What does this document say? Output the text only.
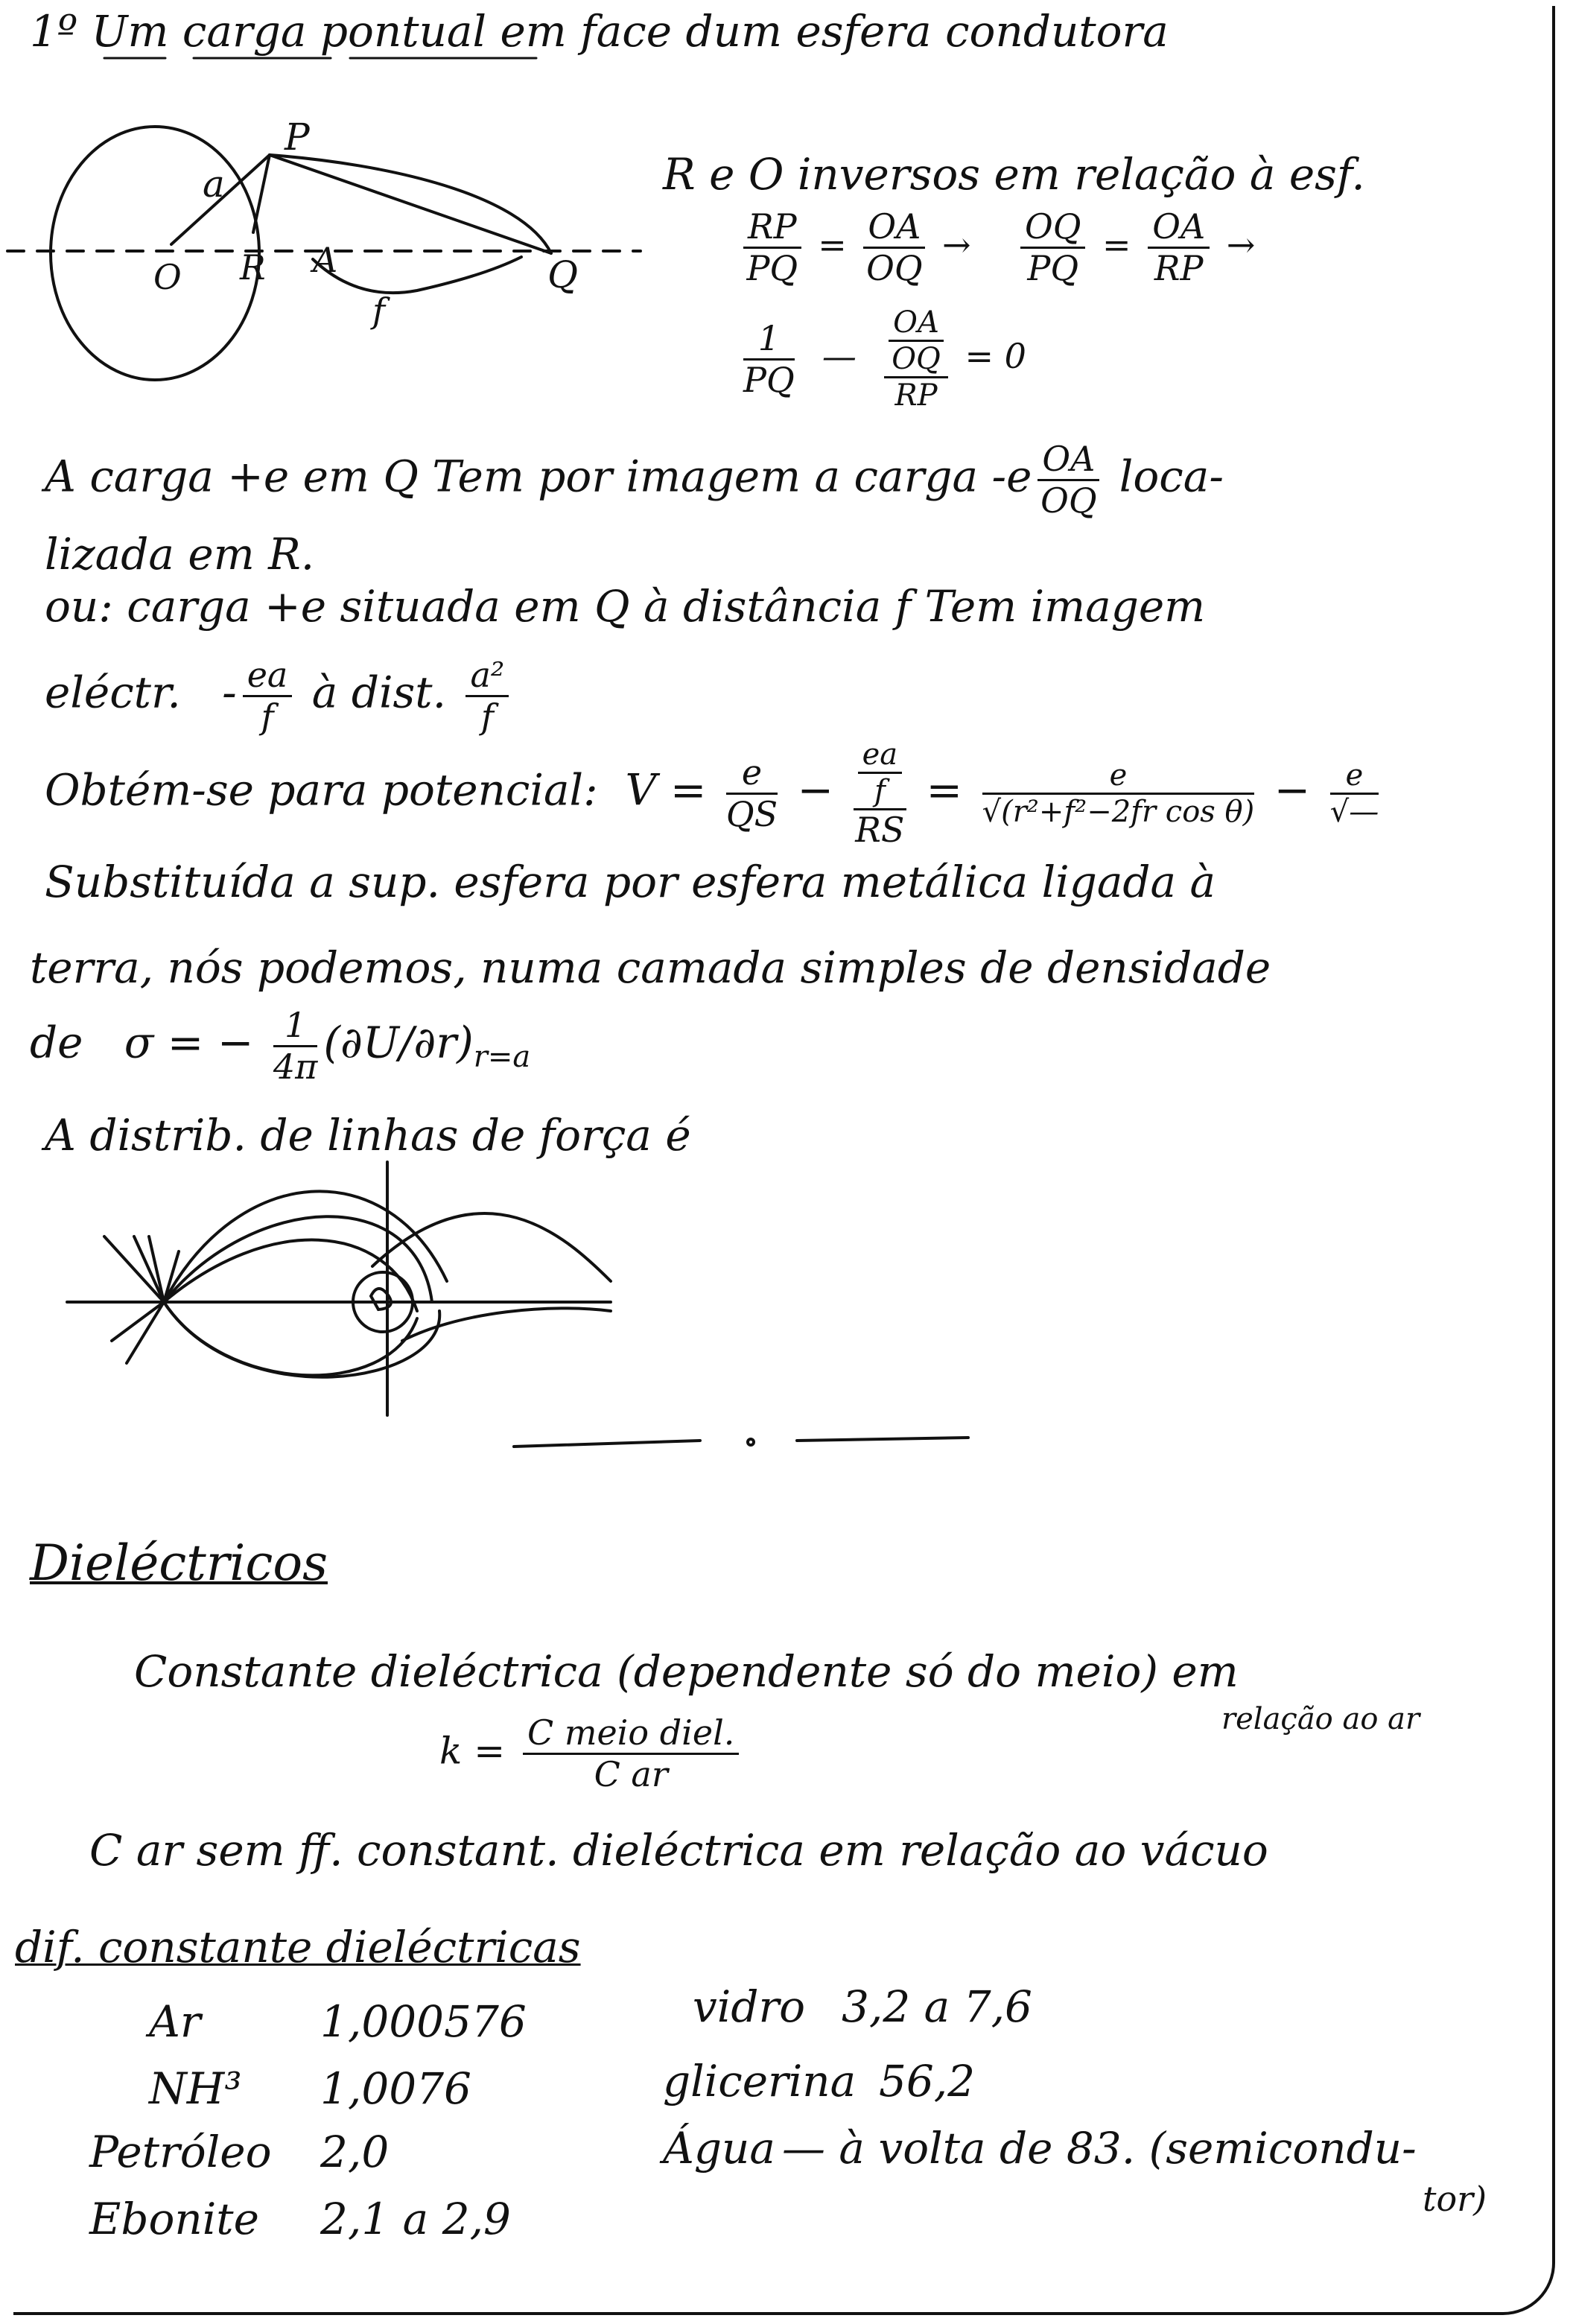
1º Um carga pontual em face dum esfera condutora
a
P
O R A	Q
f
R e O inversos em relação à esf.
$\frac{RP}{PQ} = \frac{OA}{OQ} \to \frac{OQ}{PQ} = \frac{OA}{RP}$ →
$\frac{1}{PQ}$ — OA
OQ
RP = 0
A carga +e em Q Tem por imagem a carga $-e \frac{OA}{OQ}$ loca-
lizada em R.
ou: carga +e situada em Q à distância f Tem imagem
eléctr. - $\frac{ea}{f}$ à dist. $\frac{\text{a²}}{f}$
Obtém-se para potencial: $V = \frac{e}{QS}$ − ea
f
RS = $\frac{e}{\text{√(r²+f²−2fr cos θ)}} - \frac{e}{√—}$
Substituída a sup. esfera por esfera metálica ligada à
terra, nós podemos, numa camada simples de densidade
de σ = − $\frac{1}{4\pi} (\partial U/\partial r)_{r=a}$
A distrib. de linhas de força é
Dieléctricos
Constante dieléctrica (dependente só do meio) em
relação ao ar
$k = \frac{\text{C meio diel.}}{\text{C ar}}$
C ar sem ff. constant. dieléctrica em relação ao vácuo
dif. constante dieléctricas
Ar	1,000576
NH³ 1,0076
Petróleo 2,0
Ebonite 2,1 a 2,9
vidro 3,2 a 7,6
glicerina 56,2
Água — à volta de 83. (semicondu-
tor)
